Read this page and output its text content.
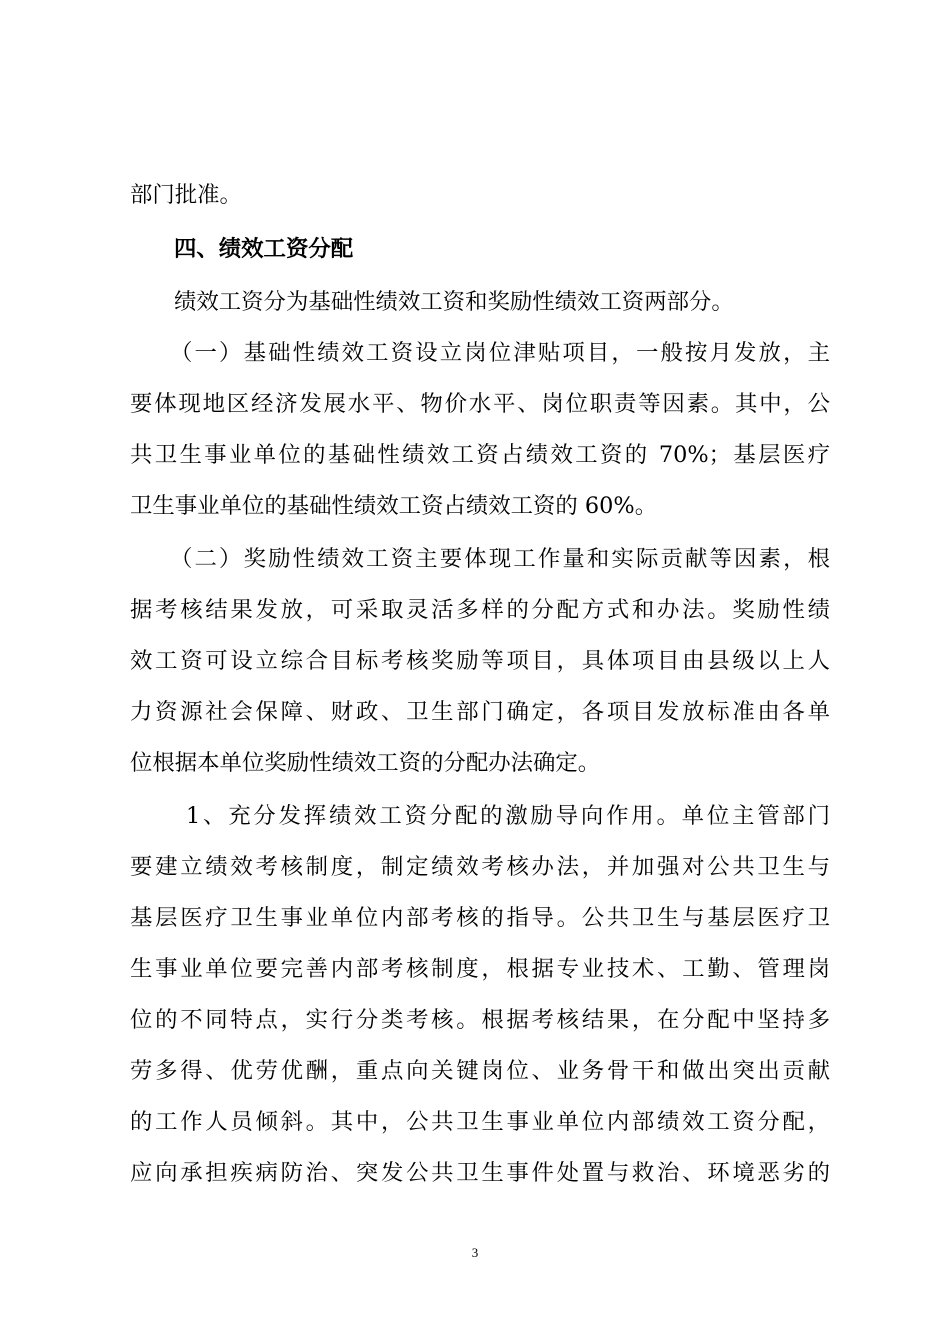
部门批准。
四、绩效工资分配
绩效工资分为基础性绩效工资和奖励性绩效工资两部分。
（一）基础性绩效工资设立岗位津贴项目，一般按月发放，主
要体现地区经济发展水平、物价水平、岗位职责等因素。其中，公
共卫生事业单位的基础性绩效工资占绩效工资的 70%；基层医疗
卫生事业单位的基础性绩效工资占绩效工资的 60%。
（二）奖励性绩效工资主要体现工作量和实际贡献等因素，根
据考核结果发放，可采取灵活多样的分配方式和办法。奖励性绩
效工资可设立综合目标考核奖励等项目，具体项目由县级以上人
力资源社会保障、财政、卫生部门确定，各项目发放标准由各单
位根据本单位奖励性绩效工资的分配办法确定。
1、充分发挥绩效工资分配的激励导向作用。单位主管部门
要建立绩效考核制度，制定绩效考核办法，并加强对公共卫生与
基层医疗卫生事业单位内部考核的指导。公共卫生与基层医疗卫
生事业单位要完善内部考核制度，根据专业技术、工勤、管理岗
位的不同特点，实行分类考核。根据考核结果，在分配中坚持多
劳多得、优劳优酬，重点向关键岗位、业务骨干和做出突出贡献
的工作人员倾斜。其中，公共卫生事业单位内部绩效工资分配，
应向承担疾病防治、突发公共卫生事件处置与救治、环境恶劣的
3
